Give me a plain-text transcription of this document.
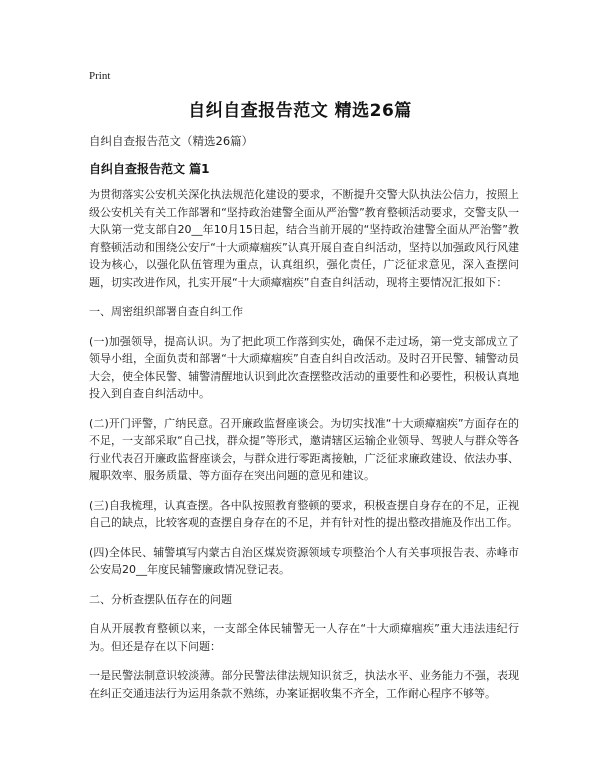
Print
自纠自查报告范文 精选26篇
自纠自查报告范文（精选26篇）
自纠自查报告范文 篇1

为贯彻落实公安机关深化执法规范化建设的要求，不断提升交警大队执法公信力，按照上级公安机关有关工作部署和“坚持政治建警全面从严治警”教育整顿活动要求，交警支队一大队第一党支部自20__年10月15日起，结合当前开展的“坚持政治建警全面从严治警”教育整顿活动和围绕公安厅“十大顽瘴痼疾”认真开展自查自纠活动，坚持以加强政风行风建设为核心，以强化队伍管理为重点，认真组织，强化责任，广泛征求意见，深入查摆问题，切实改进作风，扎实开展“十大顽瘴痼疾”自查自纠活动，现将主要情况汇报如下：

一、周密组织部署自查自纠工作

(一)加强领导，提高认识。为了把此项工作落到实处，确保不走过场，第一党支部成立了领导小组，全面负责和部署“十大顽瘴痼疾”自查自纠自改活动。及时召开民警、辅警动员大会，使全体民警、辅警清醒地认识到此次查摆整改活动的重要性和必要性，积极认真地投入到自查自纠活动中。

(二)开门评警，广纳民意。召开廉政监督座谈会。为切实找准“十大顽瘴痼疾”方面存在的不足，一支部采取“自己找，群众提”等形式，邀请辖区运输企业领导、驾驶人与群众等各行业代表召开廉政监督座谈会，与群众进行零距离接触，广泛征求廉政建设、依法办事、履职效率、服务质量、等方面存在突出问题的意见和建议。

(三)自我梳理，认真查摆。各中队按照教育整顿的要求，积极查摆自身存在的不足，正视自己的缺点，比较客观的查摆自身存在的不足，并有针对性的提出整改措施及作出工作。

(四)全体民、辅警填写内蒙古自治区煤炭资源领域专项整治个人有关事项报告表、赤峰市公安局20__年度民辅警廉政情况登记表。

二、分析查摆队伍存在的问题

自从开展教育整顿以来，一支部全体民辅警无一人存在“十大顽瘴痼疾”重大违法违纪行为。但还是存在以下问题：

一是民警法制意识较淡薄。部分民警法律法规知识贫乏，执法水平、业务能力不强，表现在纠正交通违法行为运用条款不熟练，办案证据收集不齐全，工作耐心程序不够等。
